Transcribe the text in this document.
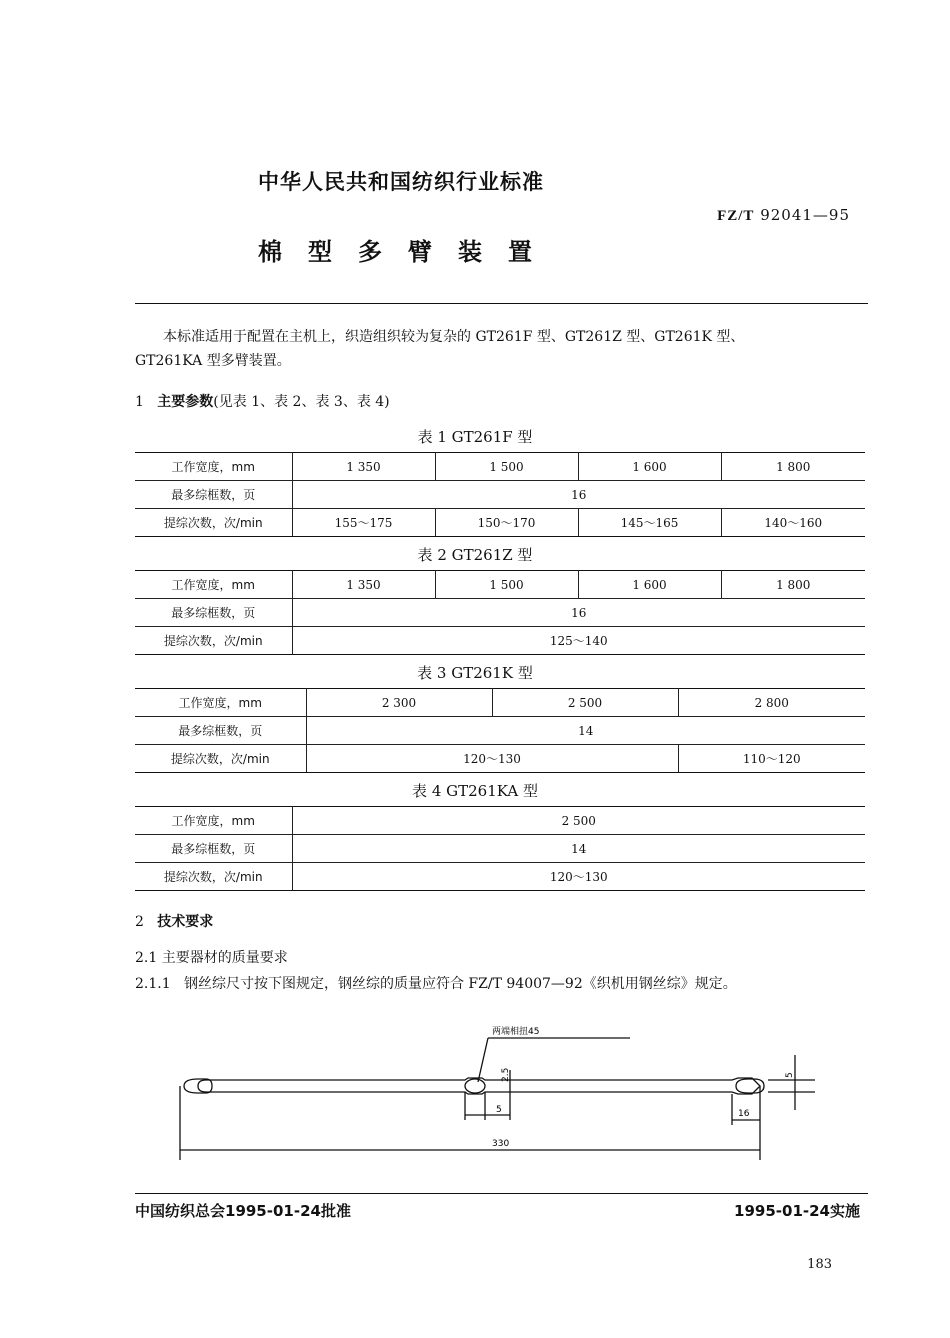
中华人民共和国纺织行业标准
FZ/T 92041—95
棉型多臂装置
本标准适用于配置在主机上，织造组织较为复杂的 GT261F 型、GT261Z 型、GT261K 型、
GT261KA 型多臂装置。
1 主要参数(见表 1、表 2、表 3、表 4)
表 1 GT261F 型
工作宽度，mm	1 350	1 500	1 600	1 800
最多综框数，页	16			
提综次数，次/min	155～175	150～170	145～165	140～160
表 2 GT261Z 型
工作宽度，mm	1 350	1 500	1 600	1 800
最多综框数，页	16			
提综次数，次/min	125～140			
表 3 GT261K 型
工作宽度，mm	2 300	2 500	2 800
最多综框数，页	14		
提综次数，次/min	120～130		110～120
表 4 GT261KA 型
工作宽度，mm	2 500
最多综框数，页	14
提综次数，次/min	120～130
2 技术要求
2.1 主要器材的质量要求
2.1.1 钢丝综尺寸按下图规定，钢丝综的质量应符合 FZ/T 94007—92《织机用钢丝综》规定。
两端相扭45
2.5
5
330
16
5
中国纺织总会1995-01-24批准	1995-01-24实施
183
